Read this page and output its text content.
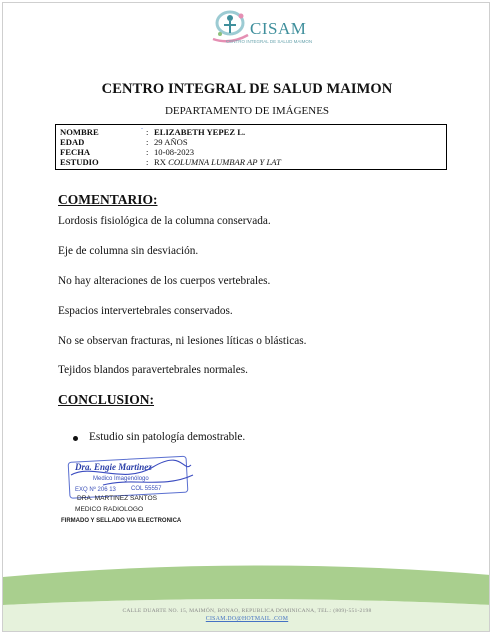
CISAM
CENTRO INTEGRAL DE SALUD MAIMON
CENTRO INTEGRAL DE SALUD MAIMON
DEPARTAMENTO DE IMÁGENES
NOMBRE	: ELIZABETH YEPEZ L.
EDAD	: 29 AÑOS
FECHA	: 10-08-2023
ESTUDIO	: RX COLUMNA LUMBAR AP Y LAT
COMENTARIO:
Lordosis fisiológica de la columna conservada.
Eje de columna sin desviación.
No hay alteraciones de los cuerpos vertebrales.
Espacios intervertebrales conservados.
No se observan fracturas, ni lesiones líticas o blásticas.
Tejidos blandos paravertebrales normales.
CONCLUSION:
Estudio sin patología demostrable.
Dra. Engie Martinez
Medico Imagenólogo
EXQ Nº 206 13	COL 55557
DRA. MARTINEZ SANTOS
MEDICO RADIOLOGO
FIRMADO Y SELLADO VIA ELECTRONICA
CALLE DUARTE NO. 15, MAIMÓN, BONAO, REPUBLICA DOMINICANA, TEL.: (809)-551-2198
CISAM.DO@HOTMAIL .COM
